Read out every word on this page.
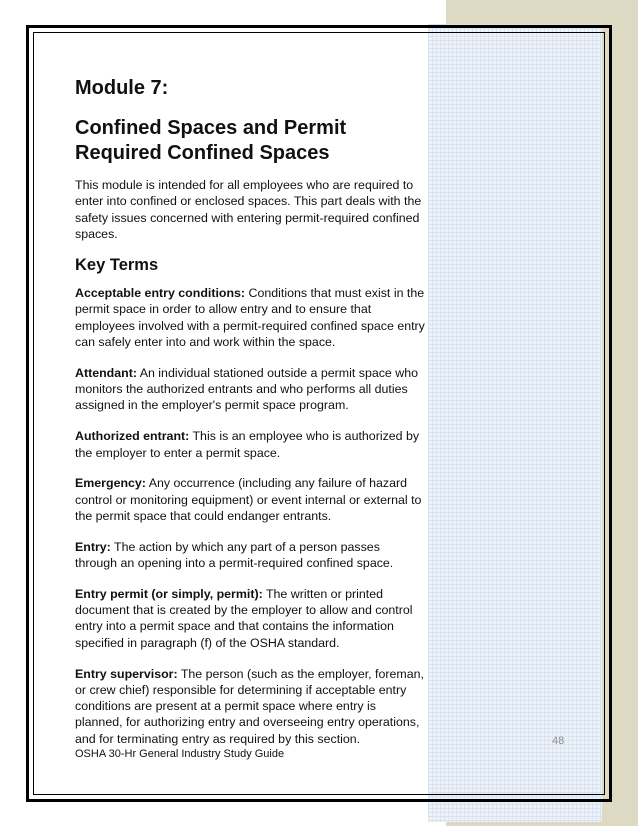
Module 7:
Confined Spaces and Permit Required Confined Spaces

This module is intended for all employees who are required to enter into confined or enclosed spaces. This part deals with the safety issues concerned with entering permit-required confined spaces.

Key Terms

Acceptable entry conditions: Conditions that must exist in the permit space in order to allow entry and to ensure that employees involved with a permit-required confined space entry can safely enter into and work within the space.

Attendant: An individual stationed outside a permit space who monitors the authorized entrants and who performs all duties assigned in the employer's permit space program.

Authorized entrant: This is an employee who is authorized by the employer to enter a permit space.

Emergency: Any occurrence (including any failure of hazard control or monitoring equipment) or event internal or external to the permit space that could endanger entrants.

Entry: The action by which any part of a person passes through an opening into a permit-required confined space.

Entry permit (or simply, permit): The written or printed document that is created by the employer to allow and control entry into a permit space and that contains the information specified in paragraph (f) of the OSHA standard.

Entry supervisor: The person (such as the employer, foreman, or crew chief) responsible for determining if acceptable entry conditions are present at a permit space where entry is planned, for authorizing entry and overseeing entry operations, and for terminating entry as required by this section.	48
OSHA 30-Hr General Industry Study Guide
